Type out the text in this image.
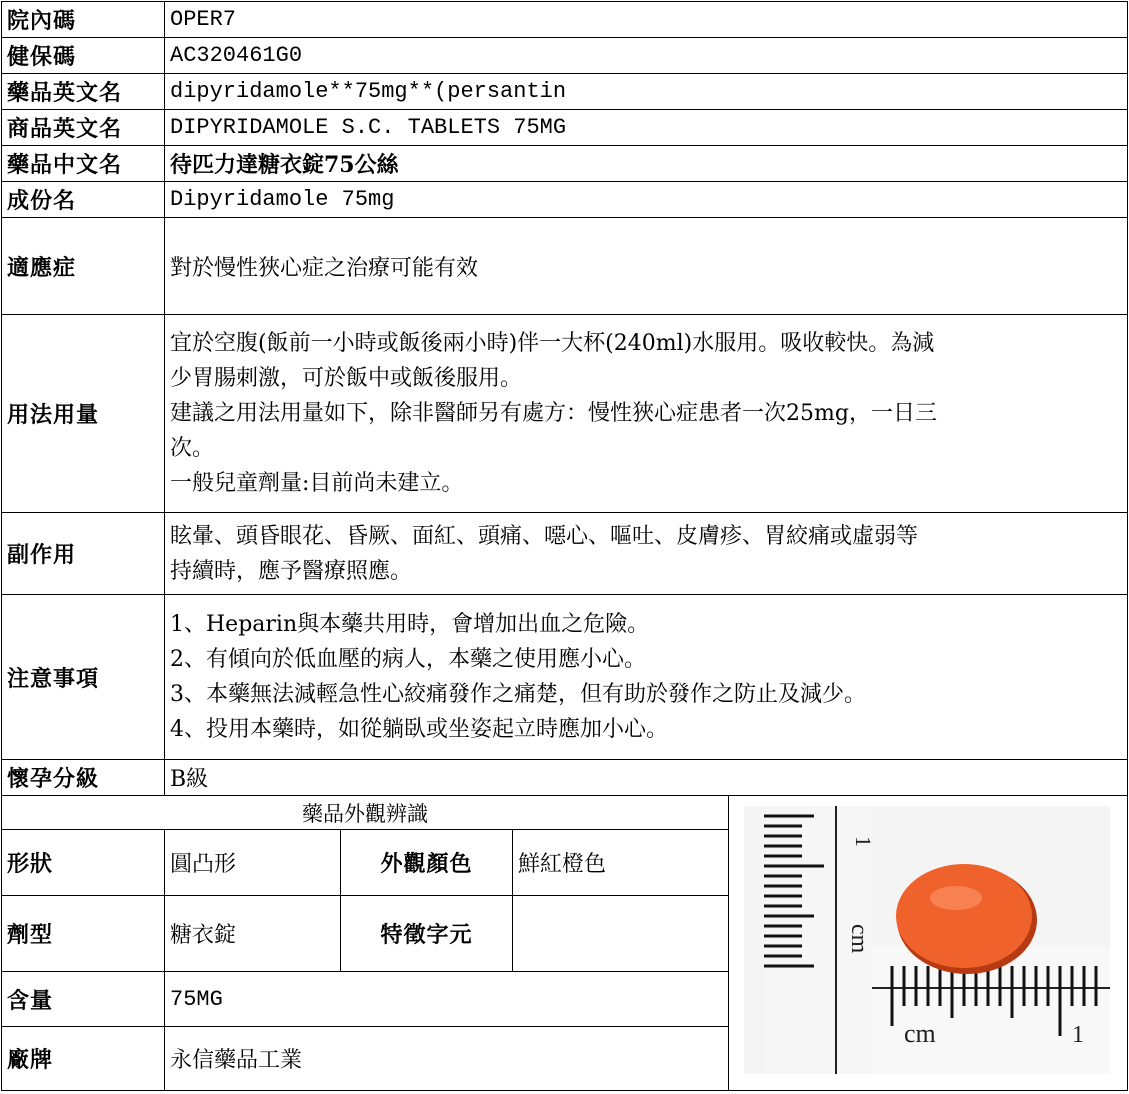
院內碼	OPER7			
健保碼	AC320461G0			
藥品英文名	dipyridamole**75mg**(persantin			
商品英文名	DIPYRIDAMOLE S.C. TABLETS 75MG			
藥品中文名	待匹力達糖衣錠75公絲			
成份名	Dipyridamole 75mg			
適應症	對於慢性狹心症之治療可能有效			
用法用量	宜於空腹(飯前一小時或飯後兩小時)伴一大杯(240ml)水服用。吸收較快。為減

少胃腸刺激，可於飯中或飯後服用。

建議之用法用量如下，除非醫師另有處方：慢性狹心症患者一次25mg，一日三

次。

一般兒童劑量:目前尚未建立。			

副作用	眩暈、頭昏眼花、昏厥、面紅、頭痛、噁心、嘔吐、皮膚疹、胃絞痛或虛弱等

持續時，應予醫療照應。			

注意事項	1、Heparin與本藥共用時，會增加出血之危險。

2、有傾向於低血壓的病人，本藥之使用應小心。

3、本藥無法減輕急性心絞痛發作之痛楚，但有助於發作之防止及減少。

4、投用本藥時，如從躺臥或坐姿起立時應加小心。			

懷孕分級	B級			
藥品外觀辨識				1
cm
cm 1

形狀	圓凸形	外觀顏色	鮮紅橙色	
劑型	糖衣錠	特徵字元		
含量	75MG			
廠牌	永信藥品工業			
